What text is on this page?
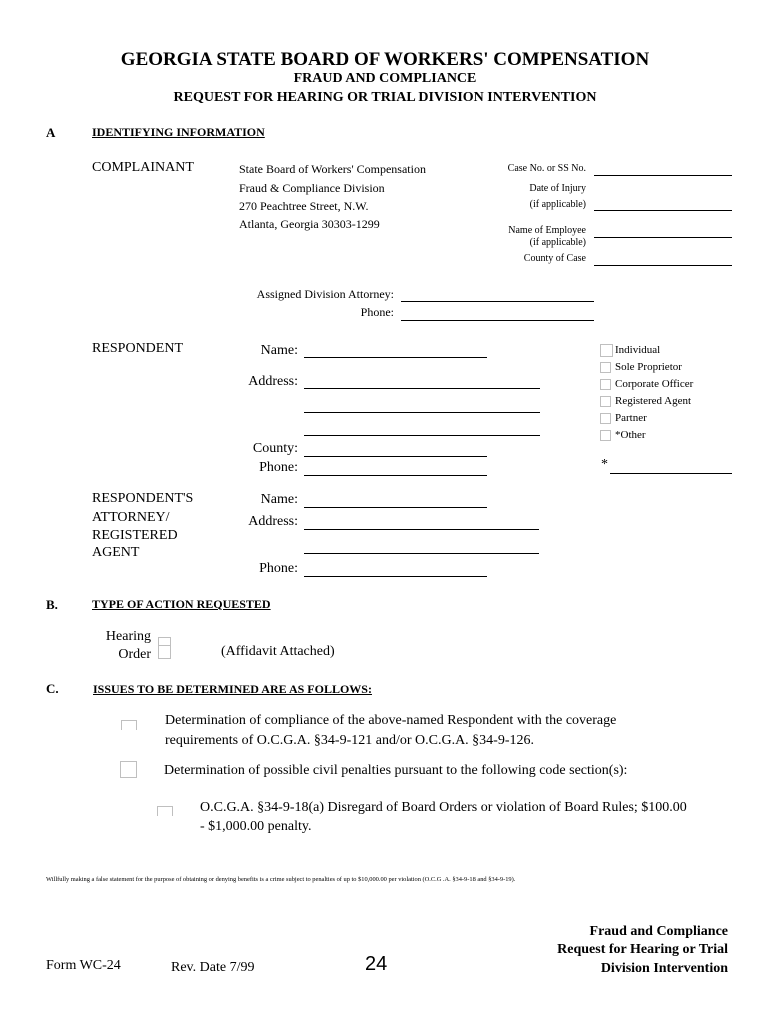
GEORGIA STATE BOARD OF WORKERS' COMPENSATION
FRAUD AND COMPLIANCE
REQUEST FOR HEARING OR TRIAL DIVISION INTERVENTION
A	IDENTIFYING INFORMATION
COMPLAINANT	State Board of Workers' Compensation
Fraud & Compliance Division
270 Peachtree Street, N.W.
Atlanta, Georgia 30303-1299
Case No. or SS No.
Date of Injury
(if applicable)
Name of Employee
(if applicable)
County of Case
Assigned Division Attorney:
Phone:
RESPONDENT	Name:
Address:
County:
Phone:
Individual
Sole Proprietor
Corporate Officer
Registered Agent
Partner
*Other
*
RESPONDENT'S
ATTORNEY/
REGISTERED
AGENT
Name:
Address:
Phone:
B.	TYPE OF ACTION REQUESTED
Hearing
Order	(Affidavit Attached)
C.	ISSUES TO BE DETERMINED ARE AS FOLLOWS:
Determination of compliance of the above-named Respondent with the coverage
requirements of O.C.G.A. §34-9-121 and/or O.C.G.A. §34-9-126.
Determination of possible civil penalties pursuant to the following code section(s):
O.C.G.A. §34-9-18(a) Disregard of Board Orders or violation of Board Rules; $100.00
- $1,000.00 penalty.
Willfully making a false statement for the purpose of obtaining or denying benefits is a crime subject to penalties of up to $10,000.00 per violation (O.C.G .A. §34-9-18 and §34-9-19).
Form WC-24	Rev. Date 7/99	24
Fraud and Compliance
Request for Hearing or Trial
Division Intervention
